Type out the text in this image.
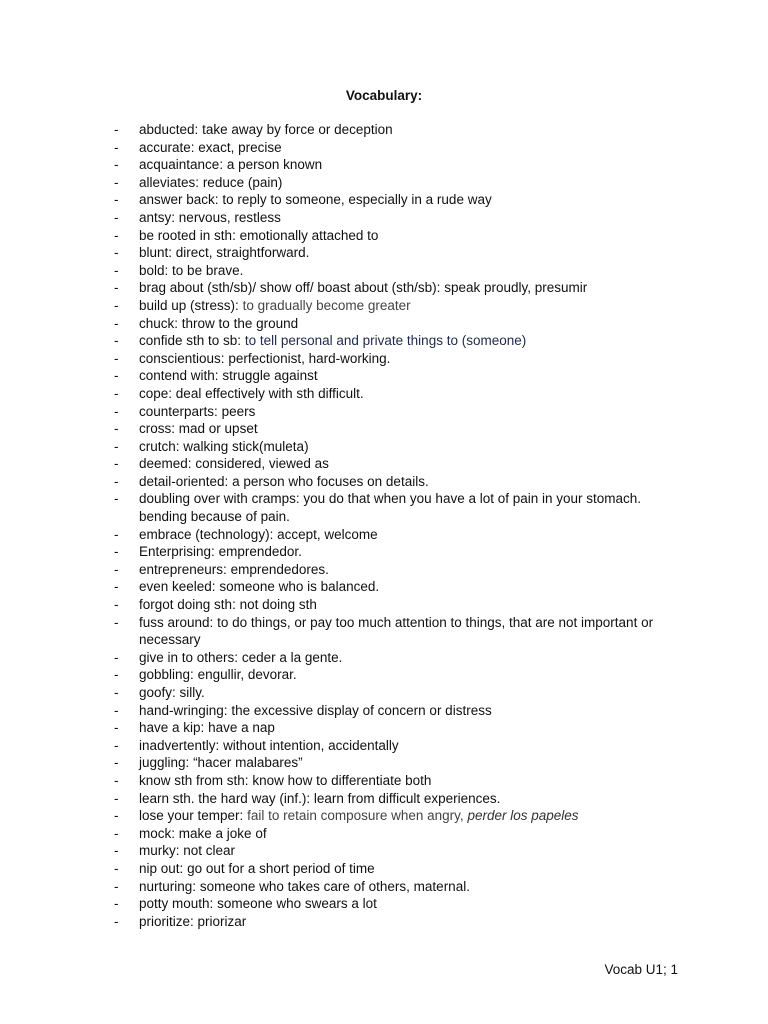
Vocabulary:
- abducted: take away by force or deception
- accurate: exact, precise
- acquaintance: a person known
- alleviates: reduce (pain)
- answer back: to reply to someone, especially in a rude way
- antsy: nervous, restless
- be rooted in sth: emotionally attached to
- blunt: direct, straightforward.
- bold: to be brave.
- brag about (sth/sb)/ show off/ boast about (sth/sb): speak proudly, presumir
- build up (stress): to gradually become greater
- chuck: throw to the ground
- confide sth to sb: to tell personal and private things to (someone)
- conscientious: perfectionist, hard-working.
- contend with: struggle against
- cope: deal effectively with sth difficult.
- counterparts: peers
- cross: mad or upset
- crutch: walking stick(muleta)
- deemed: considered, viewed as
- detail-oriented: a person who focuses on details.
- doubling over with cramps: you do that when you have a lot of pain in your stomach. bending because of pain.
- embrace (technology): accept, welcome
- Enterprising: emprendedor.
- entrepreneurs: emprendedores.
- even keeled: someone who is balanced.
- forgot doing sth: not doing sth
- fuss around: to do things, or pay too much attention to things, that are not important or necessary
- give in to others: ceder a la gente.
- gobbling: engullir, devorar.
- goofy: silly.
- hand-wringing: the excessive display of concern or distress
- have a kip: have a nap
- inadvertently: without intention, accidentally
- juggling: “hacer malabares”
- know sth from sth: know how to differentiate both
- learn sth. the hard way (inf.): learn from difficult experiences.
- lose your temper: fail to retain composure when angry, perder los papeles
- mock: make a joke of
- murky: not clear
- nip out: go out for a short period of time
- nurturing: someone who takes care of others, maternal.
- potty mouth: someone who swears a lot
- prioritize: priorizar
Vocab U1; 1
